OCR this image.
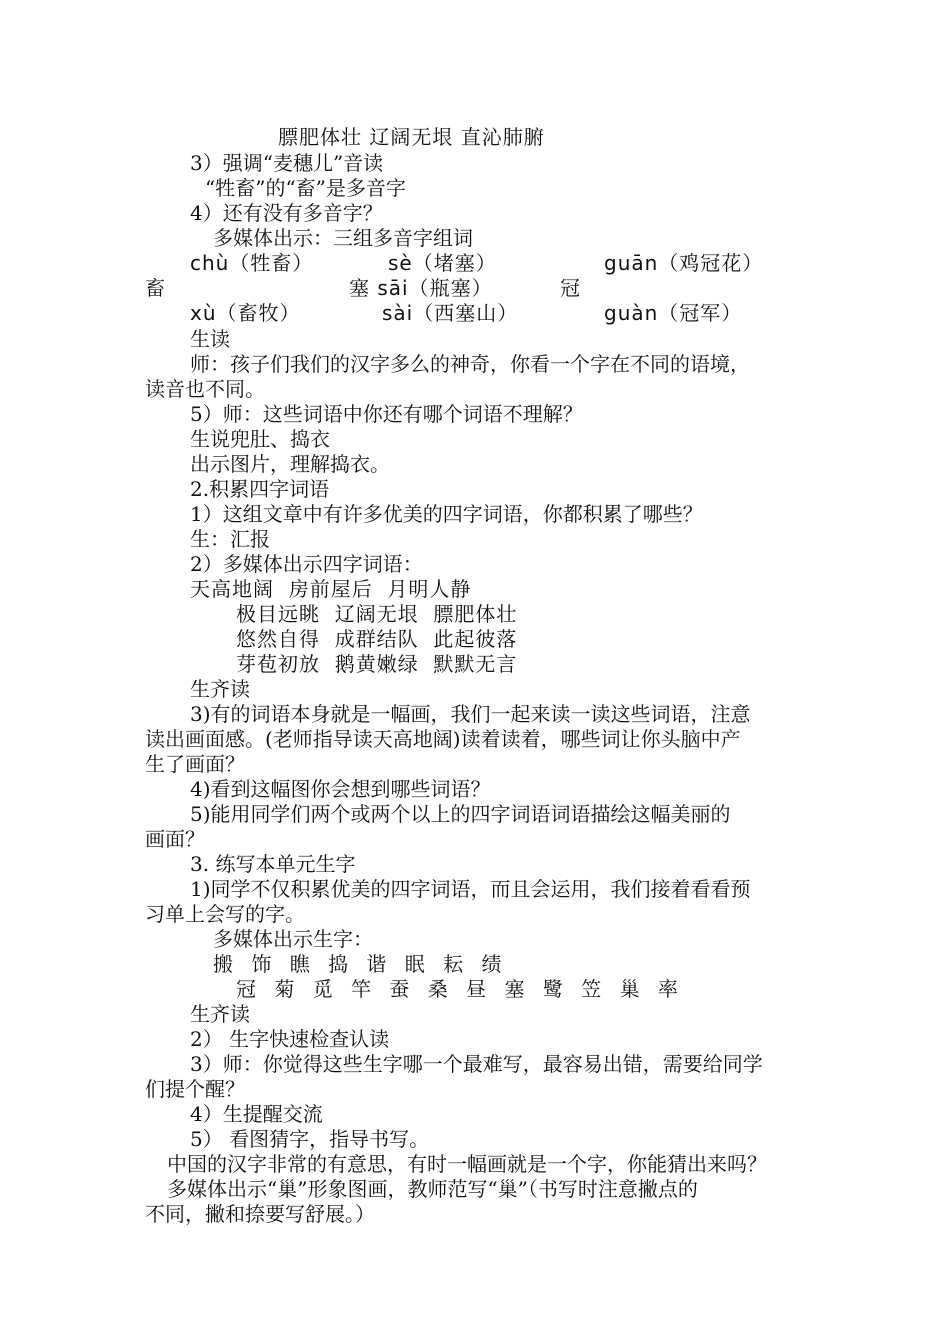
膘肥体壮 辽阔无垠 直沁肺腑
3）强调“麦穗儿”音读
“牲畜”的“畜”是多音字
4）还有没有多音字？
多媒体出示：三组多音字组词
chù（牲畜）	sè（堵塞）	guān（鸡冠花）
畜	塞 sāi（瓶塞）	冠
xù（畜牧）	sài（西塞山）	guàn（冠军）
生读
师：孩子们我们的汉字多么的神奇，你看一个字在不同的语境，
读音也不同。
5）师：这些词语中你还有哪个词语不理解？
生说兜肚、捣衣
出示图片，理解捣衣。
2.积累四字词语
1）这组文章中有许多优美的四字词语，你都积累了哪些？
生：汇报
2）多媒体出示四字词语：
天高地阔  房前屋后  月明人静
极目远眺  辽阔无垠  膘肥体壮
悠然自得  成群结队  此起彼落
芽苞初放  鹅黄嫩绿  默默无言
生齐读
3)有的词语本身就是一幅画，我们一起来读一读这些词语，注意
读出画面感。(老师指导读天高地阔)读着读着，哪些词让你头脑中产
生了画面？
4)看到这幅图你会想到哪些词语？
5)能用同学们两个或两个以上的四字词语词语描绘这幅美丽的
画面？
3. 练写本单元生字
1)同学不仅积累优美的四字词语，而且会运用，我们接着看看预
习单上会写的字。
多媒体出示生字：
搬 饰 瞧 捣 谐 眠 耘 绩
冠 菊 觅 竿 蚕 桑 昼 塞 鹭 笠 巢 率
生齐读
2） 生字快速检查认读
3）师：你觉得这些生字哪一个最难写，最容易出错，需要给同学
们提个醒？
4）生提醒交流
5） 看图猜字，指导书写。
中国的汉字非常的有意思，有时一幅画就是一个字，你能猜出来吗？
多媒体出示“巢”形象图画，教师范写“巢”（书写时注意撇点的
不同，撇和捺要写舒展。）
